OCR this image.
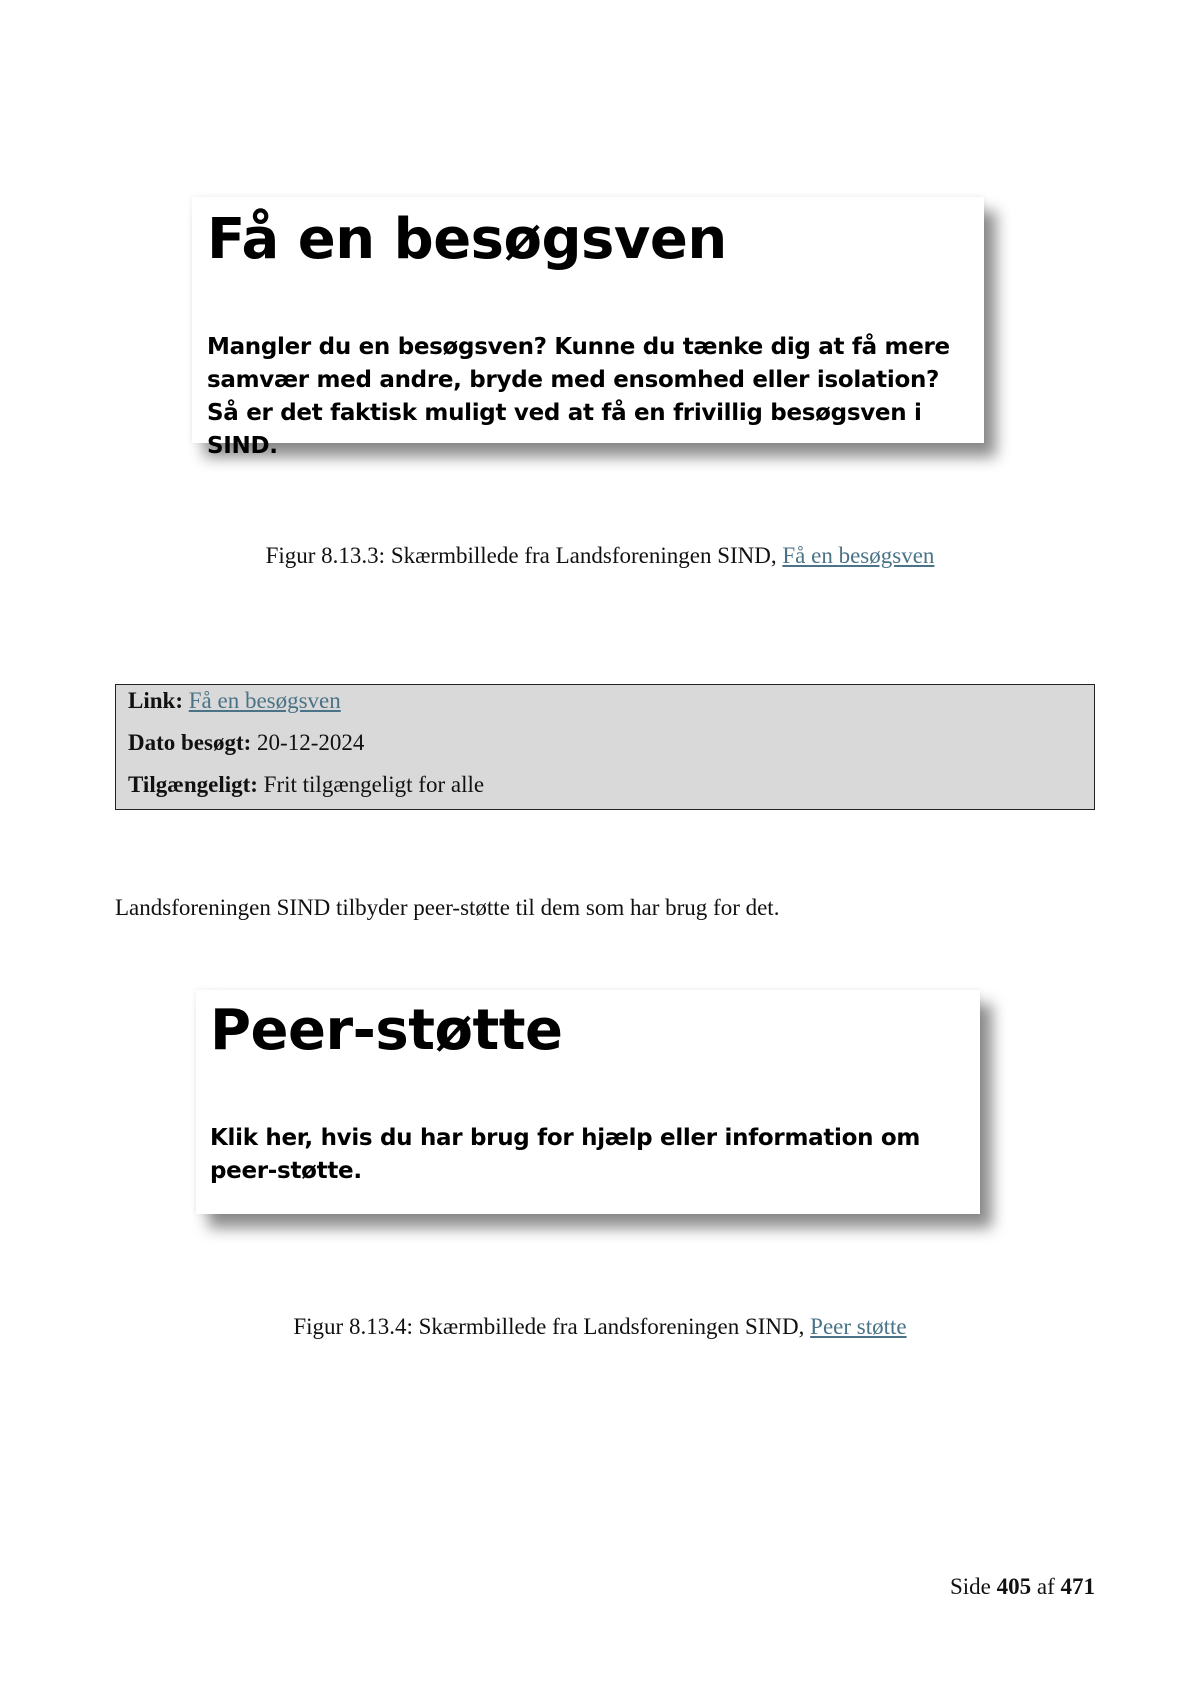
Få en besøgsven

Mangler du en besøgsven? Kunne du tænke dig at få mere samvær med andre, bryde med ensomhed eller isolation? Så er det faktisk muligt ved at få en frivillig besøgsven i SIND.

Figur 8.13.3: Skærmbillede fra Landsforeningen SIND, Få en besøgsven
Link: Få en besøgsven
Dato besøgt: 20-12-2024
Tilgængeligt: Frit tilgængeligt for alle
Landsforeningen SIND tilbyder peer-støtte til dem som har brug for det.
Peer-støtte

Klik her, hvis du har brug for hjælp eller information om peer-støtte.

Figur 8.13.4: Skærmbillede fra Landsforeningen SIND, Peer støtte
Side 405 af 471
